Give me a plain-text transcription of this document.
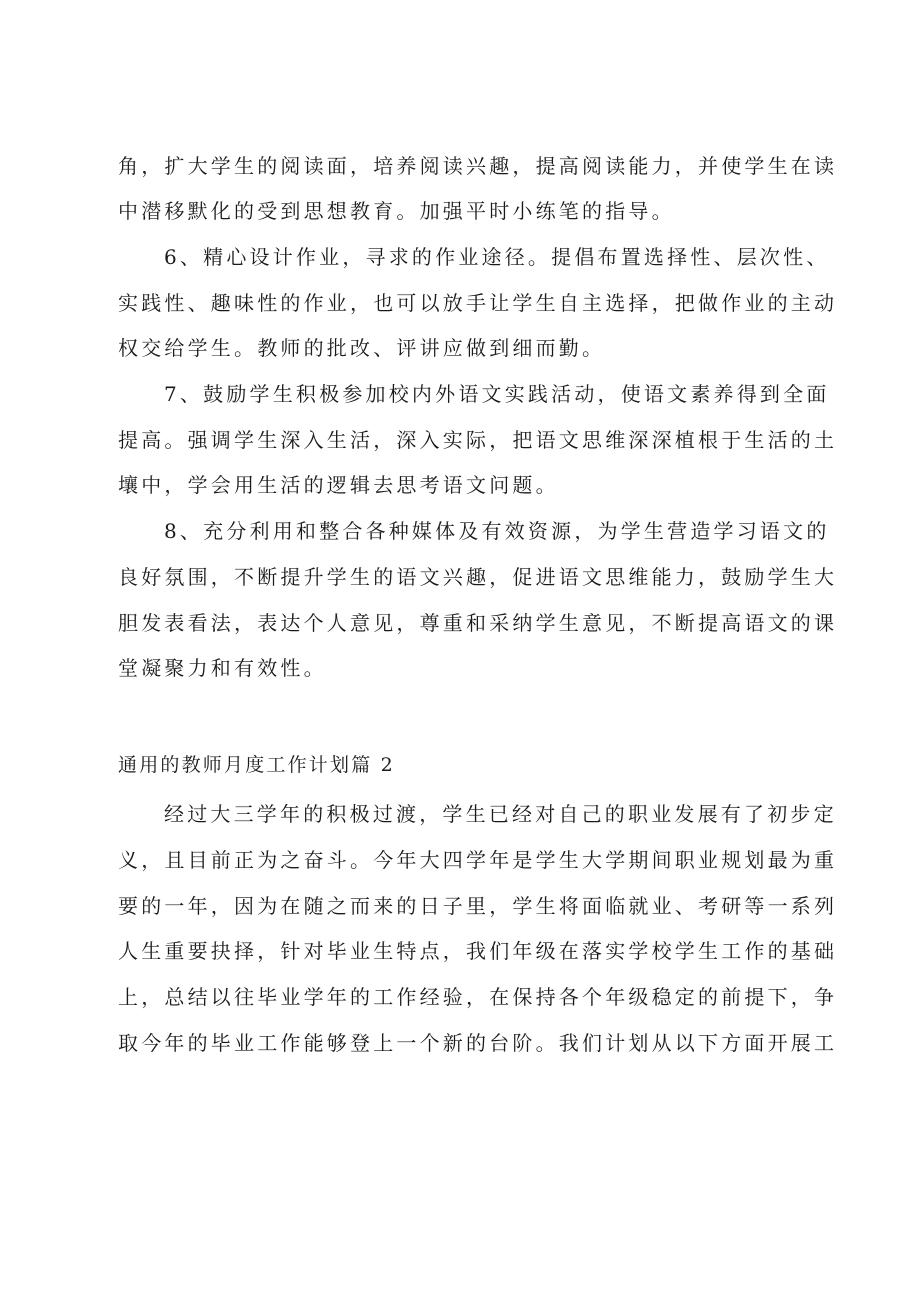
角，扩大学生的阅读面，培养阅读兴趣，提高阅读能力，并使学生在读
中潜移默化的受到思想教育。加强平时小练笔的指导。
6、精心设计作业，寻求的作业途径。提倡布置选择性、层次性、
实践性、趣味性的作业，也可以放手让学生自主选择，把做作业的主动
权交给学生。教师的批改、评讲应做到细而勤。
7、鼓励学生积极参加校内外语文实践活动，使语文素养得到全面
提高。强调学生深入生活，深入实际，把语文思维深深植根于生活的土
壤中，学会用生活的逻辑去思考语文问题。
8、充分利用和整合各种媒体及有效资源，为学生营造学习语文的
良好氛围，不断提升学生的语文兴趣，促进语文思维能力，鼓励学生大
胆发表看法，表达个人意见，尊重和采纳学生意见，不断提高语文的课
堂凝聚力和有效性。
通用的教师月度工作计划篇 2
经过大三学年的积极过渡，学生已经对自己的职业发展有了初步定
义，且目前正为之奋斗。今年大四学年是学生大学期间职业规划最为重
要的一年，因为在随之而来的日子里，学生将面临就业、考研等一系列
人生重要抉择，针对毕业生特点，我们年级在落实学校学生工作的基础
上，总结以往毕业学年的工作经验，在保持各个年级稳定的前提下，争
取今年的毕业工作能够登上一个新的台阶。我们计划从以下方面开展工
